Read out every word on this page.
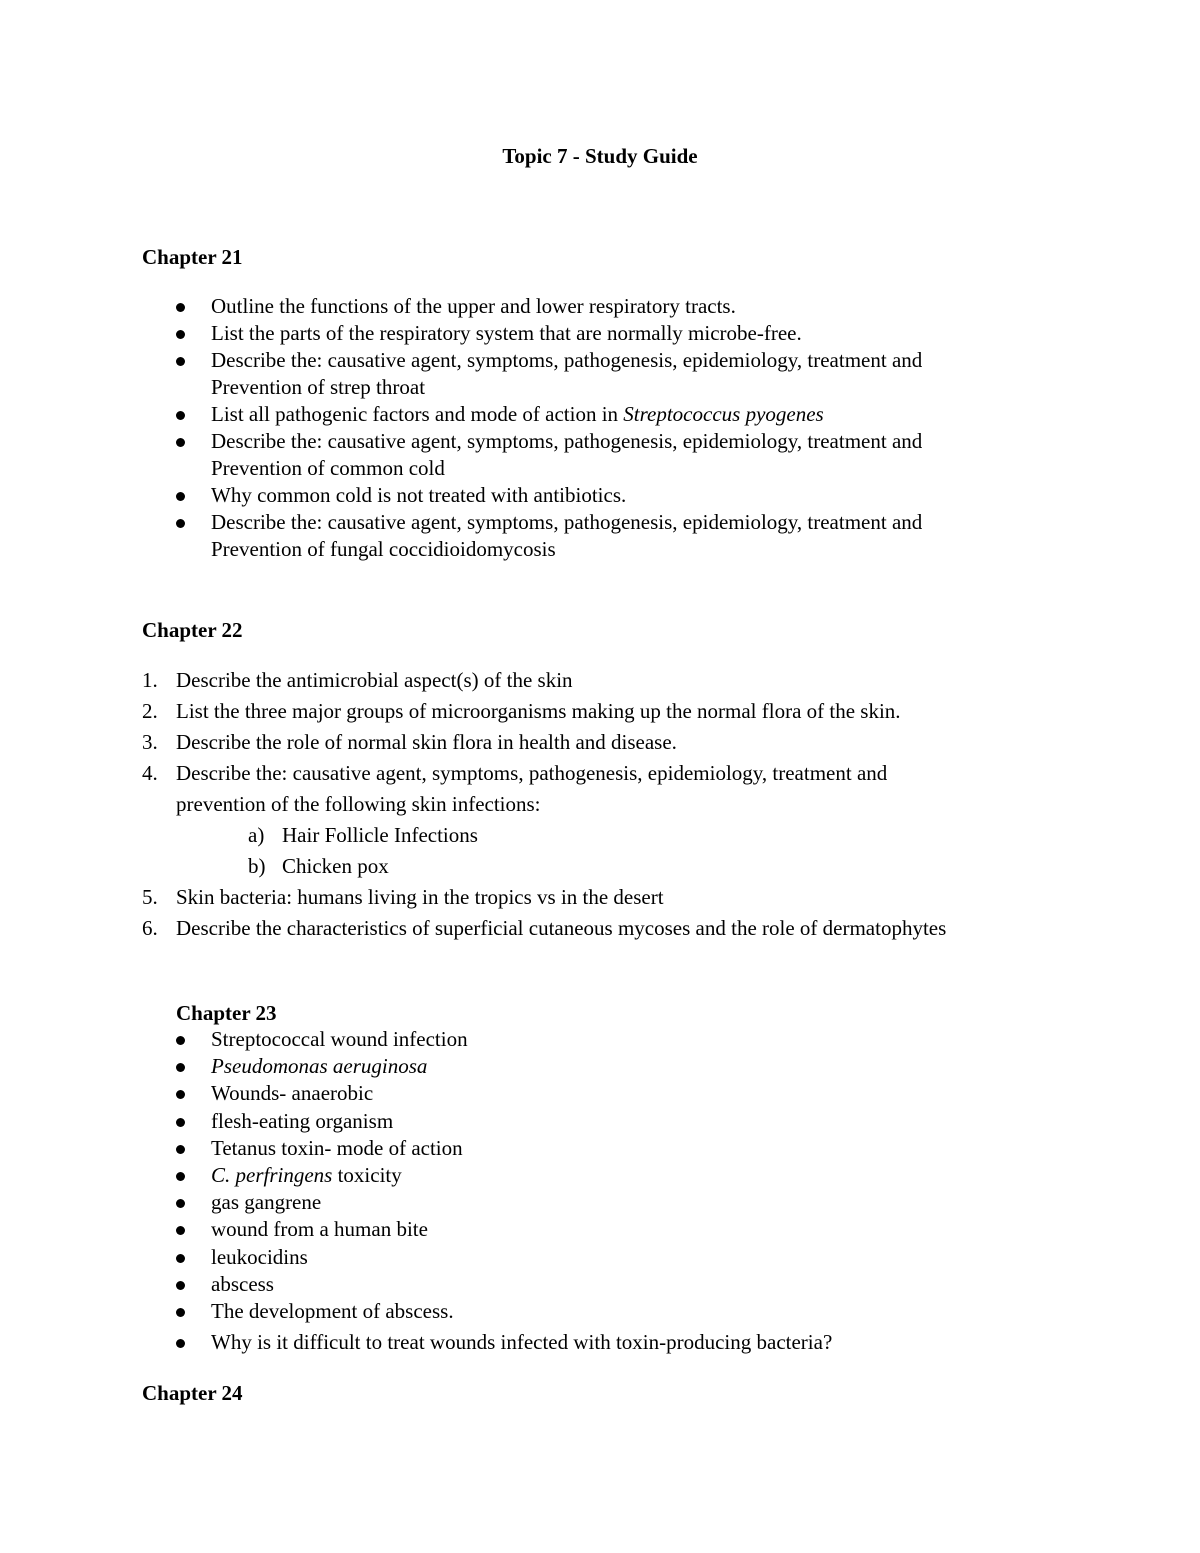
Topic 7 - Study Guide
Chapter 21
Outline the functions of the upper and lower respiratory tracts.
List the parts of the respiratory system that are normally microbe-free.
Describe the: causative agent, symptoms, pathogenesis, epidemiology, treatment and
Prevention of strep throat
List all pathogenic factors and mode of action in Streptococcus pyogenes
Describe the: causative agent, symptoms, pathogenesis, epidemiology, treatment and
Prevention of common cold
Why common cold is not treated with antibiotics.
Describe the: causative agent, symptoms, pathogenesis, epidemiology, treatment and
Prevention of fungal coccidioidomycosis
Chapter 22
1. Describe the antimicrobial aspect(s) of the skin
2. List the three major groups of microorganisms making up the normal flora of the skin.
3. Describe the role of normal skin flora in health and disease.
4. Describe the: causative agent, symptoms, pathogenesis, epidemiology, treatment and
prevention of the following skin infections:
a) Hair Follicle Infections
b) Chicken pox
5. Skin bacteria: humans living in the tropics vs in the desert
6. Describe the characteristics of superficial cutaneous mycoses and the role of dermatophytes
Chapter 23
Streptococcal wound infection
Pseudomonas aeruginosa
Wounds- anaerobic
flesh-eating organism
Tetanus toxin- mode of action
C. perfringens toxicity
gas gangrene
wound from a human bite
leukocidins
abscess
The development of abscess.
Why is it difficult to treat wounds infected with toxin-producing bacteria?
Chapter 24
